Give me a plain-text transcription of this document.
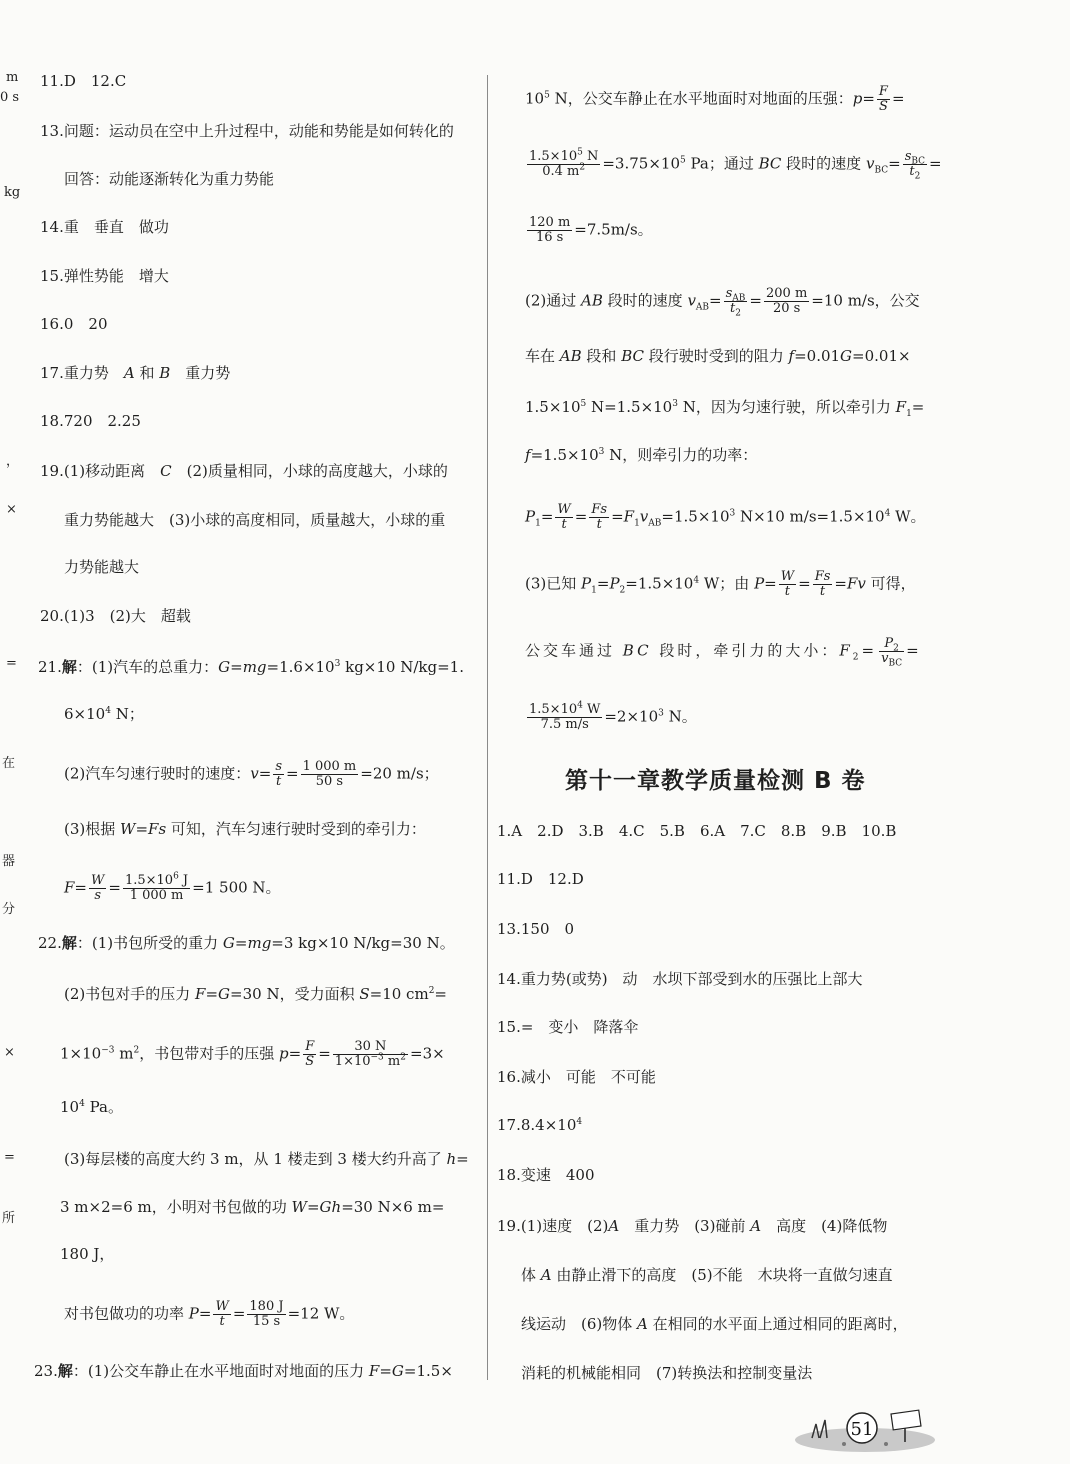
m
0 s
kg
，
×
=
在
器
分
×
=
所
11.D　12.C
13.问题：运动员在空中上升过程中，动能和势能是如何转化的
回答：动能逐渐转化为重力势能
14.重　垂直　做功
15.弹性势能　增大
16.0　20
17.重力势　A 和 B　重力势
18.720　2.25
19.(1)移动距离　C　(2)质量相同，小球的高度越大，小球的
重力势能越大　(3)小球的高度相同，质量越大，小球的重
力势能越大
20.(1)3　(2)大　超载
21.解：(1)汽车的总重力：$G=mg=1.6\times 10^3$ kg×10 N/kg=1.
$6\times 10^4$ N；
(2)汽车匀速行驶时的速度：$v= \frac{s}{t} = \frac{1 000 m}{50 s} =20$ m/s；
(3)根据 W=Fs 可知，汽车匀速行驶时受到的牵引力：
$F= \frac{W}{s} = \frac{1.5\times 10^6 J}{1 000 m} =1$ 500 N。
22.解：(1)书包所受的重力 G=mg=3 kg×10 N/kg=30 N。
(2)书包对手的压力 F=G=30 N，受力面积 S=10 $cm^2=$
$1\times 10^{-3}$ $m^2$，书包带对手的压强 $p= \frac{F}{S} = \frac{30 N}{1\times 10^{-3} m^2} =3\times$
$10^4$ Pa。
(3)每层楼的高度大约 3 m，从 1 楼走到 3 楼大约升高了 h=
3 m×2=6 m，小明对书包做的功 W=Gh=30 N×6 m=
180 J，
对书包做功的功率 $P= \frac{W}{t} = \frac{180 J}{15 s} =12$ W。
23.解：(1)公交车静止在水平地面时对地面的压力 F=G=1.5×
$10^5$ N，公交车静止在水平地面时对地面的压强：$p= \frac{F}{S}$ =
$\frac{1.5\times 10^5 N}{0.4 m^2} =3.75\times 10^5$ Pa；通过 BC 段时的速度 $v_{BC}= \frac{s_{BC}}{t_2}$ =
$\frac{120 m}{16 s} =7.5m/s$。
(2)通过 AB 段时的速度 $v_{AB}= \frac{s_{AB}}{t_2} = \frac{200 m}{20 s} =10$ m/s，公交
车在 AB 段和 BC 段行驶时受到的阻力 f=0.01G=0.01×
$1.5\times 10^5$ $N=1.5\times 10^3$ N，因为匀速行驶，所以牵引力 $F_1=$
$f=1.5\times 10^3$ N，则牵引力的功率：
$P_1= \frac{W}{t} = \frac{Fs}{t} =F_1v_{AB}=1.5\times 10^3$ N×10 $m/s=1.5\times 10^4$ W。
(3)已知 $P_1=P_2=1.5\times 10^4$ W；由 $P= \frac{W}{t} = \frac{Fs}{t} =Fv$ 可得，
公交车通过 BC 段时，牵引力的大小：$F_2= \frac{P_2}{v_{BC}}$ =
$\frac{1.5\times 10^4 W}{7.5 m/s} =2\times 10^3$ N。
第十一章教学质量检测 B 卷
1.A　2.D　3.B　4.C　5.B　6.A　7.C　8.B　9.B　10.B
11.D　12.D
13.150　0
14.重力势(或势)　动　水坝下部受到水的压强比上部大
15.=　变小　降落伞
16.减小　可能　不可能
$17.8.4\times 10^4$
18.变速　400
19.(1)速度　(2)A　重力势　(3)碰前 A　高度　(4)降低物
体 A 由静止滑下的高度　(5)不能　木块将一直做匀速直
线运动　(6)物体 A 在相同的水平面上通过相同的距离时，
消耗的机械能相同　(7)转换法和控制变量法
51
